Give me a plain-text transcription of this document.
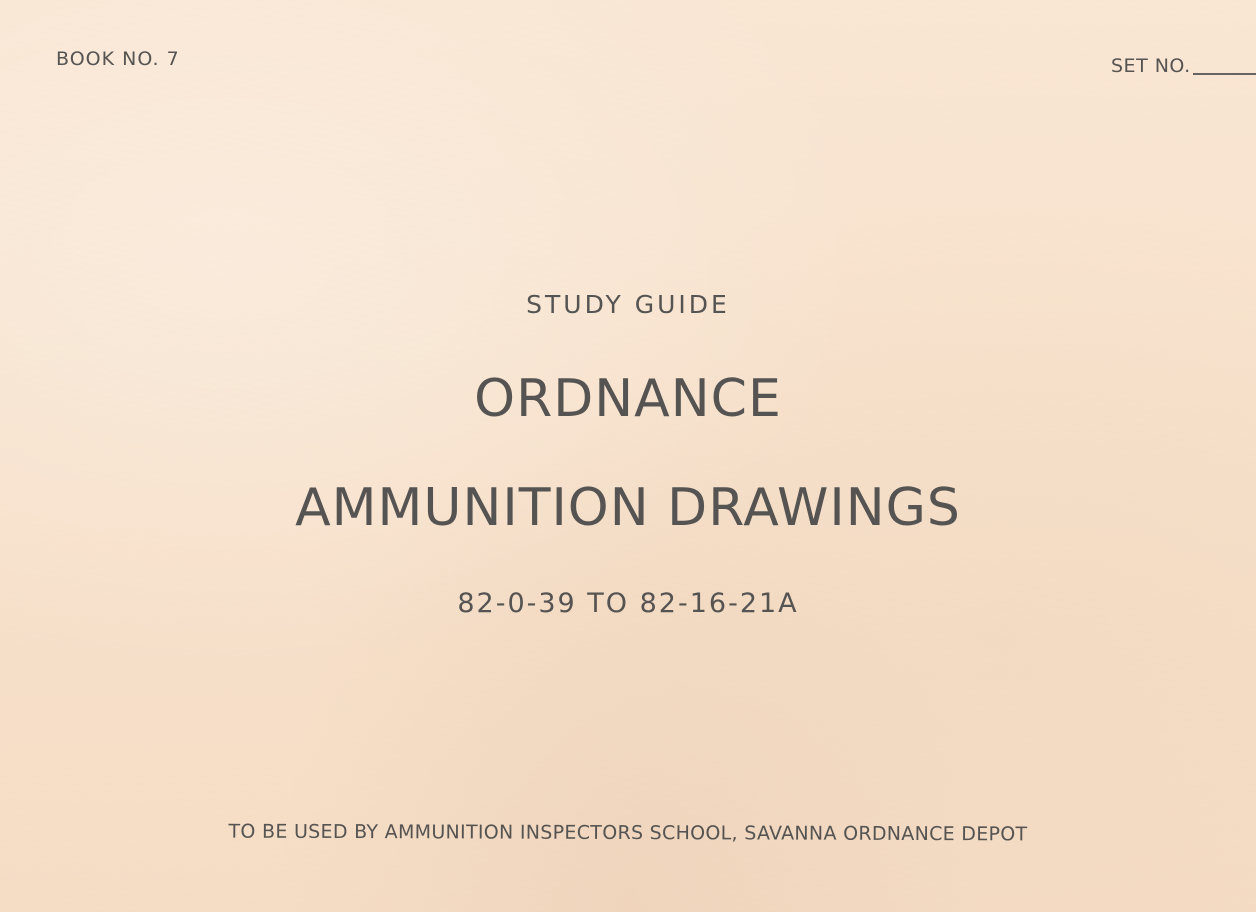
BOOK NO. 7	SET NO.
STUDY GUIDE
ORDNANCE
AMMUNITION DRAWINGS
82-0-39 TO 82-16-21A
TO BE USED BY AMMUNITION INSPECTORS SCHOOL, SAVANNA ORDNANCE DEPOT
